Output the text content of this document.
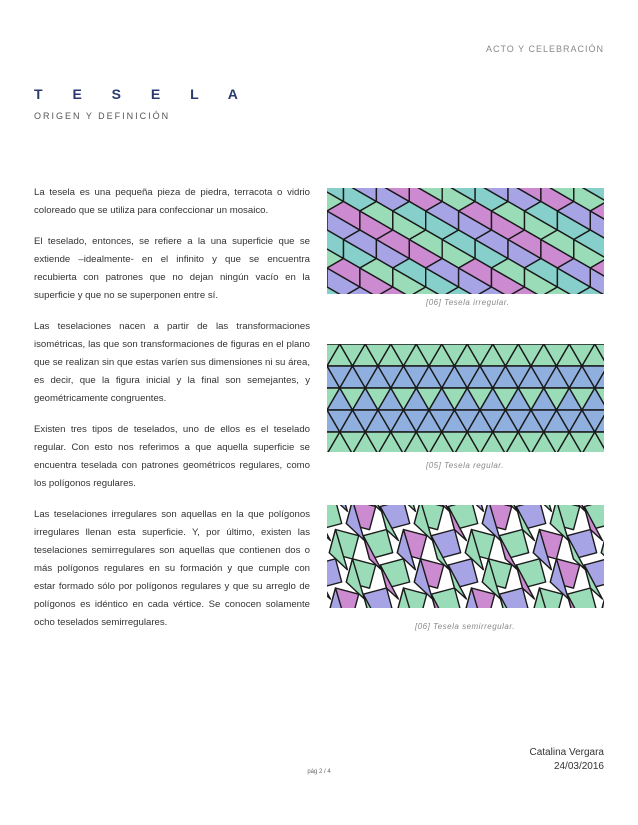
ACTO Y CELEBRACIÓN
T E S E L A
ORIGEN Y DEFINICIÓN

La tesela es una pequeña pieza de piedra, terracota o vidrio coloreado que se utiliza para confeccionar un mosaico.

El teselado, entonces, se refiere a la una superficie que se extiende –idealmente- en el infinito y que se encuentra recubierta con patrones que no dejan ningún vacío en la superficie y que no se superponen entre sí.

Las teselaciones nacen a partir de las transformaciones isométricas, las que son transformaciones de figuras en el plano que se realizan sin que estas varíen sus dimensiones ni su área, es decir, que la figura inicial y la final son semejantes, y geométricamente congruentes.

Existen tres tipos de teselados, uno de ellos es el teselado regular. Con esto nos referimos a que aquella superficie se encuentra teselada con patrones geométricos regulares, como los polígonos regulares.

Las teselaciones irregulares son aquellas en la que polígonos irregulares llenan esta superficie. Y, por último, existen las teselaciones semirregulares son aquellas que contienen dos o más polígonos regulares en su formación y que cumple con estar formado sólo por polígonos regulares y que su arreglo de polígonos es idéntico en cada vértice. Se conocen solamente ocho teselados semirregulares.

[06] Tesela irregular.
[05] Tesela regular.
[06] Tesela semirregular.
Catalina Vergara
24/03/2016
pág 2 / 4
